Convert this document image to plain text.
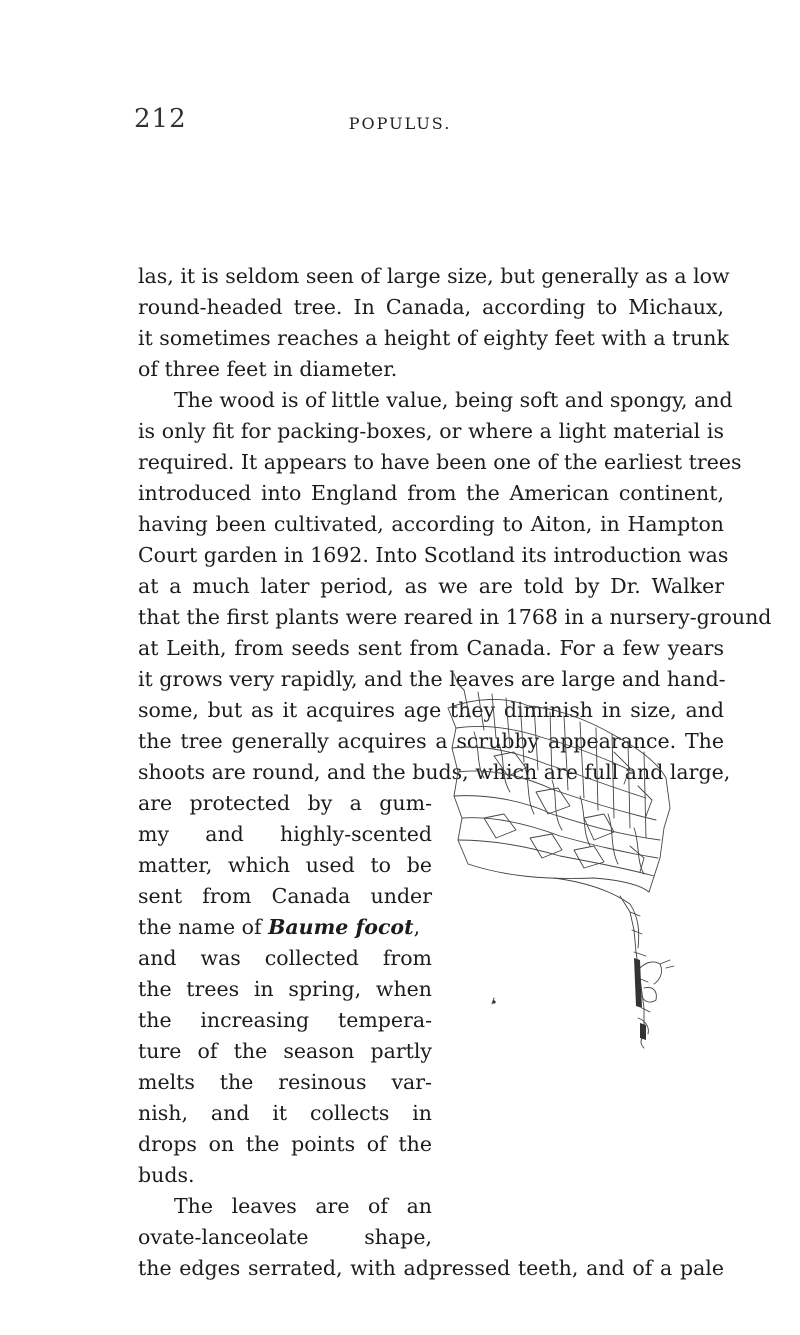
212	POPULUS.
las, it is seldom seen of large size, but generally as a low
round-headed tree. In Canada, according to Michaux,
it sometimes reaches a height of eighty feet with a trunk
of three feet in diameter.
The wood is of little value, being soft and spongy, and
is only fit for packing-boxes, or where a light material is
required. It appears to have been one of the earliest trees
introduced into England from the American continent,
having been cultivated, according to Aiton, in Hampton
Court garden in 1692. Into Scotland its introduction was
at a much later period, as we are told by Dr. Walker
that the first plants were reared in 1768 in a nursery-ground
at Leith, from seeds sent from Canada. For a few years
it grows very rapidly, and the leaves are large and hand-
some, but as it acquires age they diminish in size, and
the tree generally acquires a scrubby appearance. The
shoots are round, and the buds, which are full and large,
are protected by a gum-
my and highly-scented
matter, which used to be
sent from Canada under
the name of Baume focot,
and was collected from
the trees in spring, when
the increasing tempera-
ture of the season partly
melts the resinous var-
nish, and it collects in
drops on the points of the
buds.
The leaves are of an
ovate-lanceolate shape,
the edges serrated, with adpressed teeth, and of a pale
